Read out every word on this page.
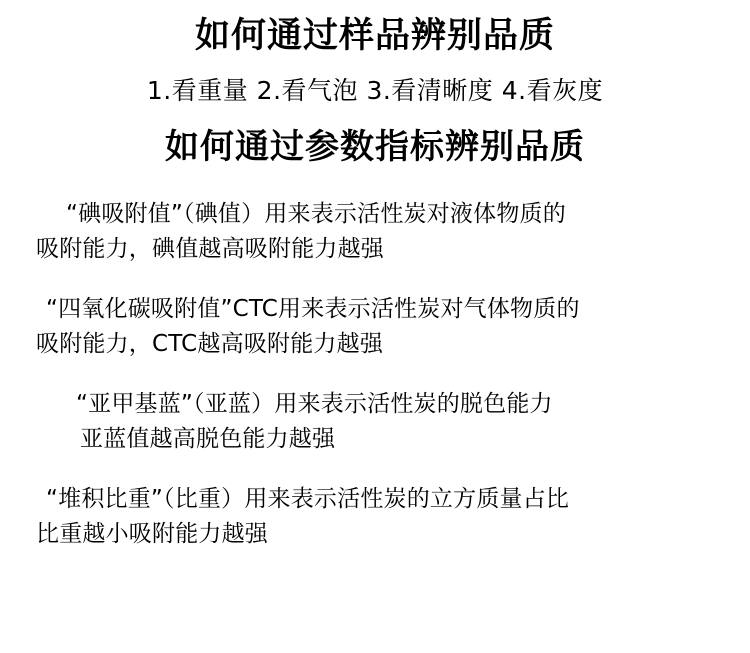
如何通过样品辨别品质
1.看重量 2.看气泡 3.看清晰度 4.看灰度
如何通过参数指标辨别品质
“碘吸附值”（碘值）用来表示活性炭对液体物质的
吸附能力，碘值越高吸附能力越强
“四氧化碳吸附值”CTC用来表示活性炭对气体物质的
吸附能力，CTC越高吸附能力越强
“亚甲基蓝”（亚蓝）用来表示活性炭的脱色能力
亚蓝值越高脱色能力越强
“堆积比重”（比重）用来表示活性炭的立方质量占比
比重越小吸附能力越强
